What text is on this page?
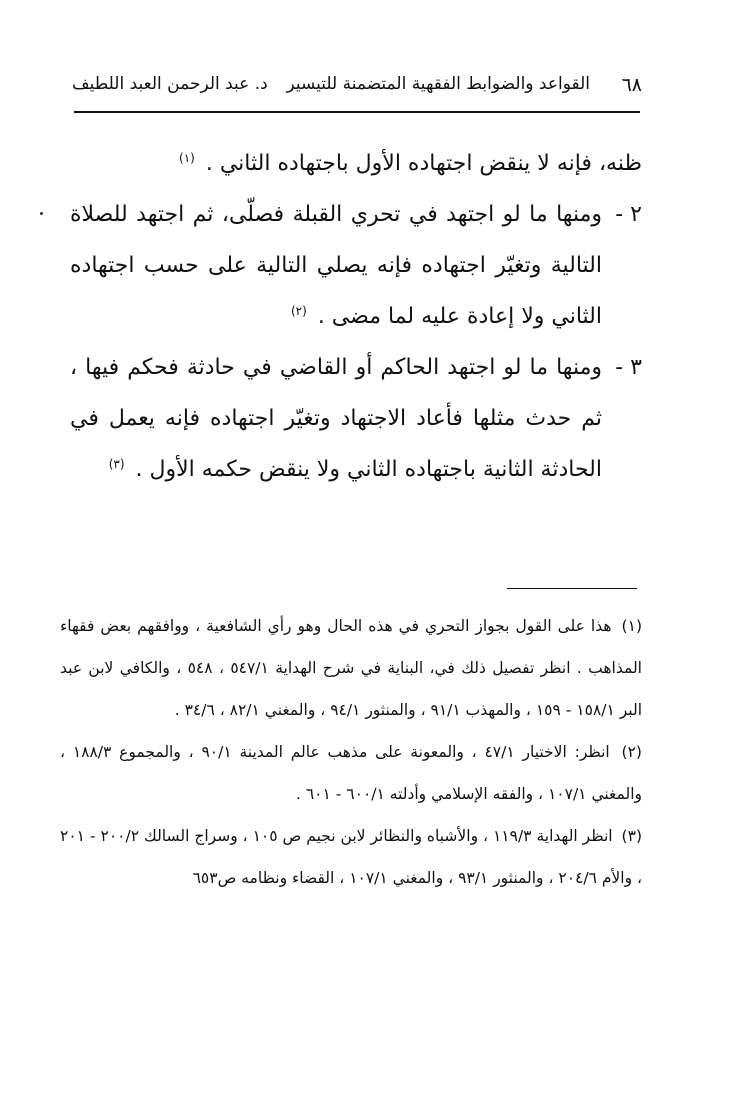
٦٨
القواعد والضوابط الفقهية المتضمنة للتيسير
د. عبد الرحمن العبد اللطيف

ظنه، فإنه لا ينقض اجتهاده الأول باجتهاده الثاني . $^{(١)}$

٢ -
ومنها ما لو اجتهد في تحري القبلة فصلّى، ثم اجتهد للصلاة التالية وتغيّر اجتهاده فإنه يصلي التالية على حسب اجتهاده الثاني ولا إعادة عليه لما مضى . $^{(٢)}$

٣ -
ومنها ما لو اجتهد الحاكم أو القاضي في حادثة فحكم فيها ، ثم حدث مثلها فأعاد الاجتهاد وتغيّر اجتهاده فإنه يعمل في الحادثة الثانية باجتهاده الثاني ولا ينقض حكمه الأول . $^{(٣)}$

(١) هذا على القول بجواز التحري في هذه الحال وهو رأي الشافعية ، ووافقهم بعض فقهاء المذاهب . انظر تفصيل ذلك في، البناية في شرح الهداية ٥٤٧/١ ، ٥٤٨ ، والكافي لابن عبد البر ١٥٨/١ - ١٥٩ ، والمهذب ٩١/١ ، والمنثور ٩٤/١ ، والمغني ٨٢/١ ، ٣٤/٦ .

(٢) انظر: الاختيار ٤٧/١ ، والمعونة على مذهب عالم المدينة ٩٠/١ ، والمجموع ١٨٨/٣ ، والمغني ١٠٧/١ ، والفقه الإسلامي وأدلته ٦٠٠/١ - ٦٠١ .

(٣) انظر الهداية ١١٩/٣ ، والأشباه والنظائر لابن نجيم ص ١٠٥ ، وسراج السالك ٢٠٠/٢ - ٢٠١ ، والأم ٢٠٤/٦ ، والمنثور ٩٣/١ ، والمغني ١٠٧/١ ، القضاء ونظامه ص٦٥٣
